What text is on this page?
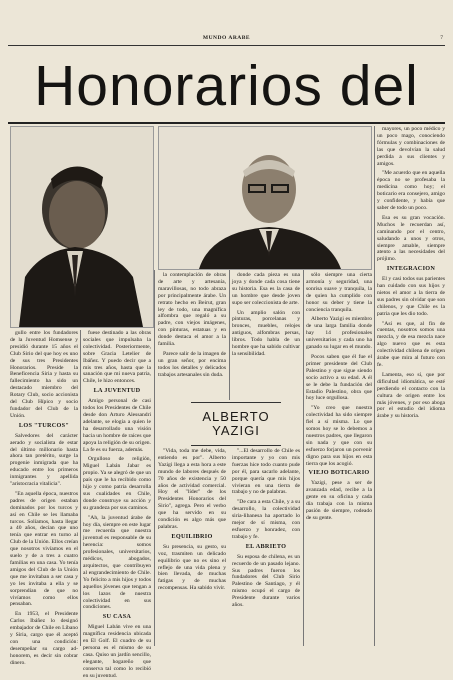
MUNDO ARABE	7
Honorarios del

gullo entre los fundadores de la Juventud Homsense y presidió durante 15 años el Club Sirio del que hoy es uno de sus tres Presidentes Honorarios. Preside la Beneficencia Siria y hasta su fallecimiento ha sido un destacado miembro del Rotary Club, socio accionista del Club Hípico y socio fundador del Club de la Unión.

LOS "TURCOS"

Salvedores del carácter aerado y socialista de estar del último millonario hasta ahora tan pretérito, surge la progenie inmigrada que ha educado entre los primeros inmigrantes y apellida "aristocracia vitalicia".

"En aquella época, nuestros padres de origen estaban dominados por los turcos y así en Chile se les llamaba turcos. Solíamos, hasta llegar a 40 años, decían que uno tenía que entrar en turno al Club de la Unión. Ellos creían que nosotros vivíamos en el suelo y de a tres a cuatro familias en una casa. Yo tenía amigos del Club de la Unión que me invitaban a ser casa y yo les invitaba a ella y se sorprendían de que no vivíamos como ellos pensaban.

En 1953, el Presidente Carlos Ibáñez lo designó embajador de Chile en Líbano y Siria, cargo que él aceptó con una condición: desempeñar su cargo ad-honorem, es decir sin cobrar dinero.

fuese destinado a las obras sociales que impulsaba la colectividad. Posteriormente, sobre Gracia Letelier de Ibáñez. Y puedo decir que a mis tres años, hasta que la sanación que mi nueva patria, Chile, le hizo entonces.

LA JUVENTUD

Amigo personal de casi todos los Presidentes de Chile desde don Arturo Alessandri adelante, se elogia a quien le ha desarrollado una visión hacia un hombre de raíces que apoya la religión de su origen. La fe es su fuerza, además.

Orgulloso de religión, Miguel Labán Jabar es propio. Ya se alegró de que un país que le ha recibido como hijo y como patria desarrolla sus cualidades en Chile, donde construye su acción y su grandeza por sus caminos.

"Ah, la juventud árabe de hoy día, siempre en este lugar me recuerda que nuestra juventud es responsable de su herencia: somos profesionales, universitarios, médicos, abogados, arquitectos, que contribuyen al engrandecimiento de Chile. Yo felicito a mis hijos y todos aquellos jóvenes que tengan a los lazos de nuestra colectividad en sus condiciones.

SU CASA

Miguel Labán vive en una magnífica residencia ubicada en El Golf. El cuadro de su persona es el mismo de su casa. Quiso un jardín sencillo, elegante, hogareño que conserva tal como lo recibió en su juventud.

la contemplación de obras de arte y artesanía, maravillosas, no todo abraza por principalmente árabe. Un retrato hecho en Beirut, gran ley de todo, una magnífica alfombra que regaló a su padre, con viejos imágenes, con pinturas, estatuas y en donde destaca el amor a la familia.

Parece salir de la imagen de un gran señor, por encima todos los detalles y delicados trabajos artesanales sin duda.

"Vida, toda me debe, vida, entiendo es por". Alberto Yazigi llega a esta hora a este mundo de labores después de 70 años de existencia y 50 años de actividad comercial. Hoy el "líder" de los Presidentes Honorarios del Sirio", agrega. Pero el verbo que ha servido en su condición es algo más que palabras.

EQUILIBRIO

Su presencia, su gesto, su voz, trasmiten un delicado equilibrio que no es sino el reflejo de una vida plena y bien llevada, de muchas fatigas y de muchas recompensas. Ha sabido vivir.

ALBERTO YAZIGI

donde cada pieza es una joya y donde cada cosa tiene su historia. Esa es la casa de un hombre que desde joven supo ser coleccionista de arte.

Un amplio salón con pinturas, porcelanas y bronces, muebles, relojes antiguos, alfombras persas, libros. Todo habla de un hombre que ha sabido cultivar la sensibilidad.

"...El desarrollo de Chile es importante y yo con mis fuerzas hice todo cuanto pude por él, para sacarlo adelante, porque quería que mis hijos vivieran en una tierra de trabajo y no de palabras.

"De cara a esta Chile, y a su desarrollo, la colectividad siria-libanesa ha aportado lo mejor de sí misma, con esfuerzo y honradez, con trabajo y fe.

EL ABRIETO

Su esposa de chilena, es un recuerdo de un pasado lejano. Sus padres fueron los fundadores del Club Sirio Palestino de Santiago, y él mismo ocupó el cargo de Presidente durante varios años.

sólo siempre una cierta armonía y seguridad, una sonrisa suave y tranquila, la de quien ha cumplido con honor su deber y tiene la conciencia tranquila.

Alberto Yazigi es miembro de una larga familia donde hay 14 profesionales universitarios y cada uno ha ganado su lugar en el mundo.

Pocos saben que él fue el primer presidente del Club Palestino y que sigue siendo socio activo a su edad. A él se le debe la fundación del Estadio Palestino, obra que hoy luce orgullosa.

"Yo creo que nuestra colectividad ha sido siempre fiel a sí misma. Lo que somos hoy se lo debemos a nuestros padres, que llegaron sin nada y que con su esfuerzo forjaron un porvenir digno para sus hijos en esta tierra que los acogió.

VIEJO BOTICARIO

Yazigi, pese a ser de avanzada edad, recibe a la gente en su oficina y cada día trabaja con la misma pasión de siempre, rodeado de su gente.

mayores, un poco médico y un poco mago, conociendo fórmulas y combinaciones de las que devolvían la salud perdida a sus clientes y amigos.

"Me acuerdo que en aquella época no se profesaba la medicina como hoy; el boticario era consejero, amigo y confidente, y había que saber de todo un poco.

Esa es su gran vocación. Muchos le recuerdan así, caminando por el centro, saludando a unos y otros, siempre amable, siempre atento a las necesidades del prójimo.

INTEGRACION

El y casi todos sus parientes han cuidado con sus hijos y nietos el amor a la tierra de sus padres sin olvidar que son chilenos, y que Chile es la patria que les dio todo.

"Así es que, al fin de cuentas, nosotros somos una mezcla, y de esa mezcla nace algo nuevo que es esta colectividad chilena de origen árabe que mira al futuro con fe.

Lamenta, eso sí, que por dificultad idiomática, se esté perdiendo el contacto con la cultura de origen entre los más jóvenes, y por eso aboga por el estudio del idioma árabe y su historia.
